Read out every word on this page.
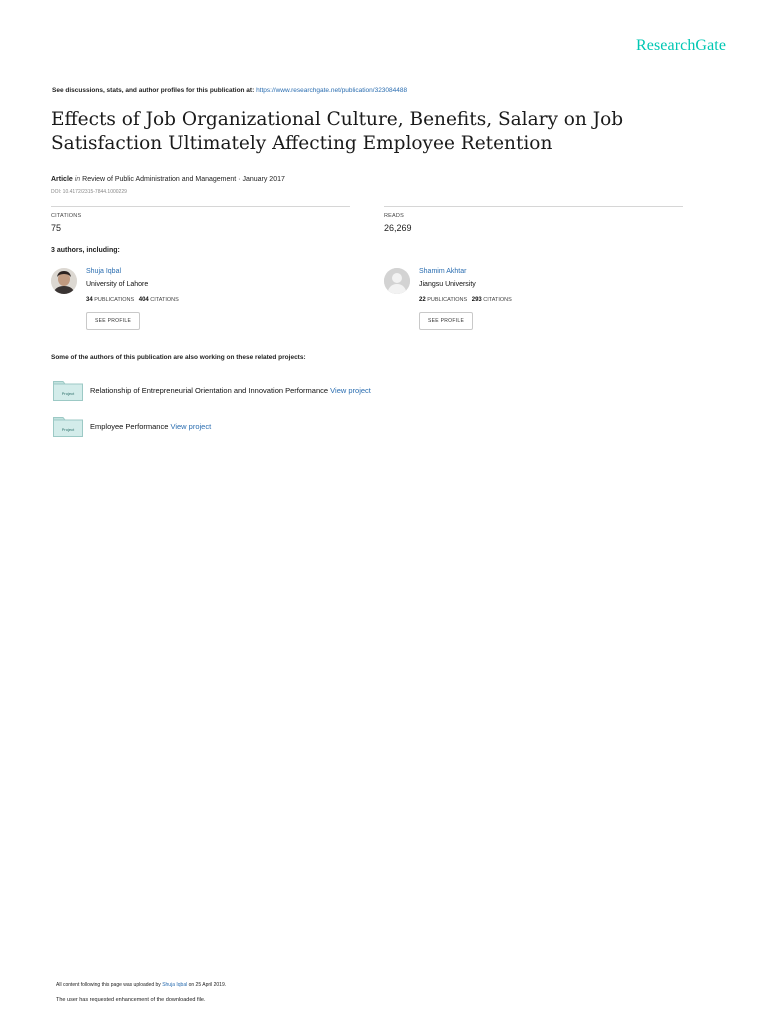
ResearchGate
See discussions, stats, and author profiles for this publication at: https://www.researchgate.net/publication/323084488
Effects of Job Organizational Culture, Benefits, Salary on Job Satisfaction Ultimately Affecting Employee Retention
Article in Review of Public Administration and Management · January 2017
DOI: 10.4172/2315-7844.1000229
CITATIONS
75
READS
26,269
3 authors, including:
Shuja Iqbal
University of Lahore
34 PUBLICATIONS 404 CITATIONS
SEE PROFILE
Shamim Akhtar
Jiangsu University
22 PUBLICATIONS 293 CITATIONS
SEE PROFILE
Some of the authors of this publication are also working on these related projects:
Project Relationship of Entrepreneurial Orientation and Innovation Performance View project
Project Employee Performance View project
All content following this page was uploaded by Shuja Iqbal on 25 April 2019.
The user has requested enhancement of the downloaded file.
